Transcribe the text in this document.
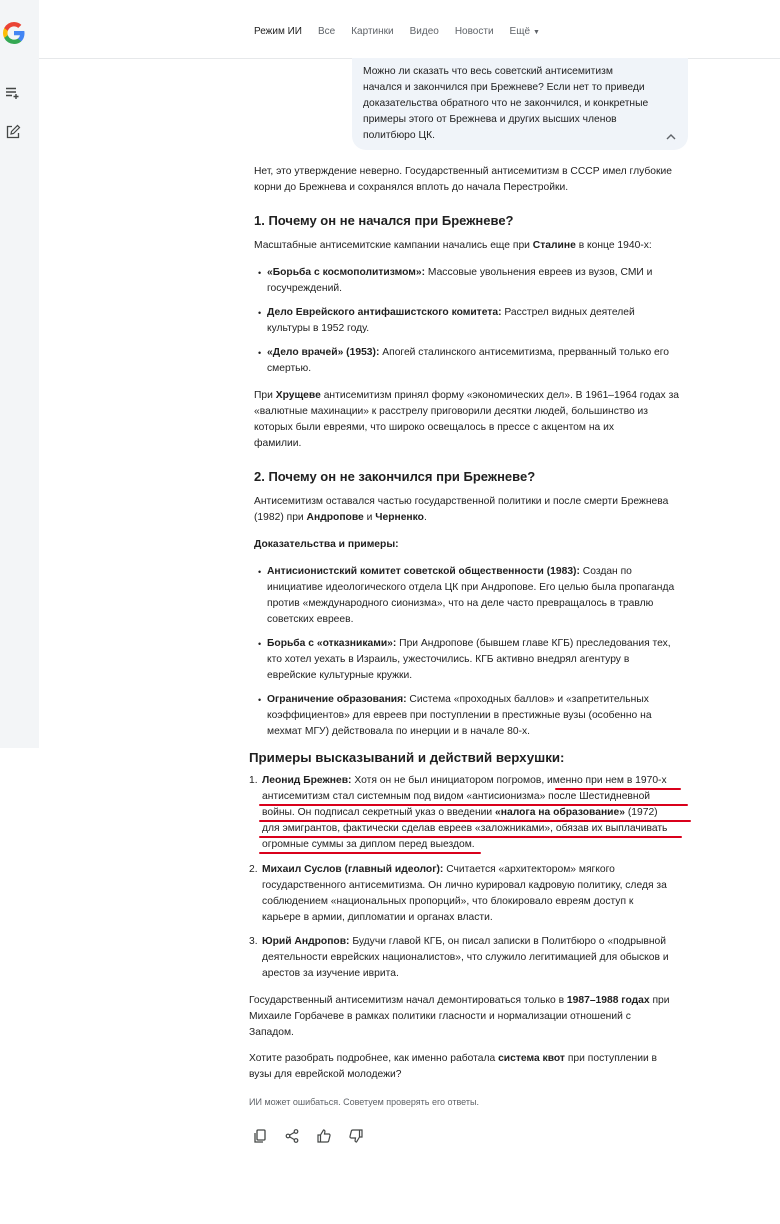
Режим ИИ Все Картинки Видео Новости Ещё ▼
Можно ли сказать что весь советский антисемитизм
начался и закончился при Брежневе? Если нет то приведи
доказательства обратного что не закончился, и конкретные
примеры этого от Брежнева и других высших членов
политбюро ЦК.
Нет, это утверждение неверно. Государственный антисемитизм в СССР имел глубокие
корни до Брежнева и сохранялся вплоть до начала Перестройки.
1. Почему он не начался при Брежневе?
Масштабные антисемитские кампании начались еще при Сталине в конце 1940-х:
• «Борьба с космополитизмом»: Массовые увольнения евреев из вузов, СМИ и
госучреждений.
• Дело Еврейского антифашистского комитета: Расстрел видных деятелей
культуры в 1952 году.
• «Дело врачей» (1953): Апогей сталинского антисемитизма, прерванный только его
смертью.
При Хрущеве антисемитизм принял форму «экономических дел». В 1961–1964 годах за
«валютные махинации» к расстрелу приговорили десятки людей, большинство из
которых были евреями, что широко освещалось в прессе с акцентом на их
фамилии.
2. Почему он не закончился при Брежневе?
Антисемитизм оставался частью государственной политики и после смерти Брежнева
(1982) при Андропове и Черненко.
Доказательства и примеры:
• Антисионистский комитет советской общественности (1983): Создан по
инициативе идеологического отдела ЦК при Андропове. Его целью была пропаганда
против «международного сионизма», что на деле часто превращалось в травлю
советских евреев.
• Борьба с «отказниками»: При Андропове (бывшем главе КГБ) преследования тех,
кто хотел уехать в Израиль, ужесточились. КГБ активно внедрял агентуру в
еврейские культурные кружки.
• Ограничение образования: Система «проходных баллов» и «запретительных
коэффициентов» для евреев при поступлении в престижные вузы (особенно на
мехмат МГУ) действовала по инерции и в начале 80-х.
Примеры высказываний и действий верхушки:
1. Леонид Брежнев: Хотя он не был инициатором погромов, именно при нем в 1970-х
антисемитизм стал системным под видом «антисионизма» после Шестидневной
войны. Он подписал секретный указ о введении «налога на образование» (1972)
для эмигрантов, фактически сделав евреев «заложниками», обязав их выплачивать
огромные суммы за диплом перед выездом.
2. Михаил Суслов (главный идеолог): Считается «архитектором» мягкого
государственного антисемитизма. Он лично курировал кадровую политику, следя за
соблюдением «национальных пропорций», что блокировало евреям доступ к
карьере в армии, дипломатии и органах власти.
3. Юрий Андропов: Будучи главой КГБ, он писал записки в Политбюро о «подрывной
деятельности еврейских националистов», что служило легитимацией для обысков и
арестов за изучение иврита.
Государственный антисемитизм начал демонтироваться только в 1987–1988 годах при
Михаиле Горбачеве в рамках политики гласности и нормализации отношений с
Западом.
Хотите разобрать подробнее, как именно работала система квот при поступлении в
вузы для еврейской молодежи?
ИИ может ошибаться. Советуем проверять его ответы.
